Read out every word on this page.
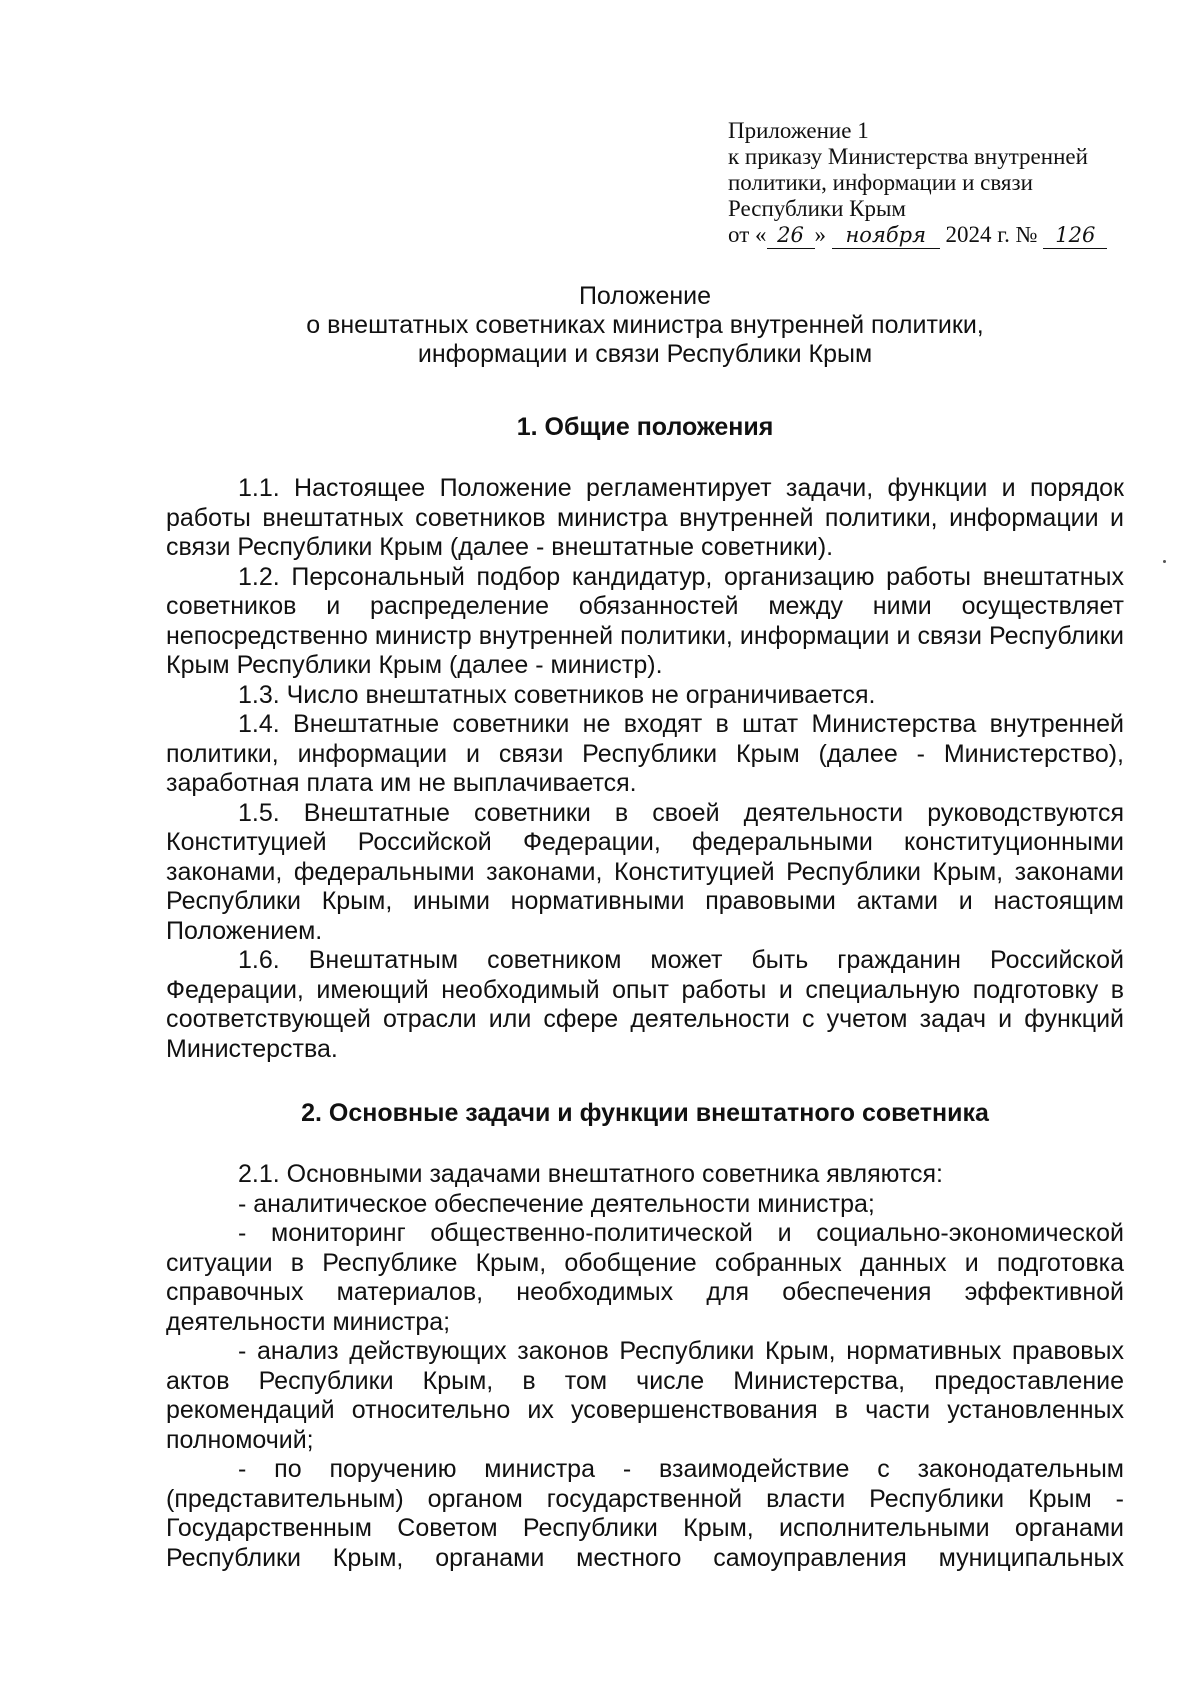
Приложение 1
к приказу Министерства внутренней
политики, информации и связи
Республики Крым
от « 26 » ноября 2024 г. № 126
Положение
о внештатных советниках министра внутренней политики,
информации и связи Республики Крым
1. Общие положения

1.1. Настоящее Положение регламентирует задачи, функции и порядок работы внештатных советников министра внутренней политики, информации и связи Республики Крым (далее - внештатные советники).

1.2. Персональный подбор кандидатур, организацию работы внештатных советников и распределение обязанностей между ними осуществляет непосредственно министр внутренней политики, информации и связи Республики Крым Республики Крым (далее - министр).

1.3. Число внештатных советников не ограничивается.

1.4. Внештатные советники не входят в штат Министерства внутренней политики, информации и связи Республики Крым (далее - Министерство), заработная плата им не выплачивается.

1.5. Внештатные советники в своей деятельности руководствуются Конституцией Российской Федерации, федеральными конституционными законами, федеральными законами, Конституцией Республики Крым, законами Республики Крым, иными нормативными правовыми актами и настоящим Положением.

1.6. Внештатным советником может быть гражданин Российской Федерации, имеющий необходимый опыт работы и специальную подготовку в соответствующей отрасли или сфере деятельности с учетом задач и функций Министерства.

2. Основные задачи и функции внештатного советника

2.1. Основными задачами внештатного советника являются:

- аналитическое обеспечение деятельности министра;

- мониторинг общественно-политической и социально-экономической ситуации в Республике Крым, обобщение собранных данных и подготовка справочных материалов, необходимых для обеспечения эффективной деятельности министра;

- анализ действующих законов Республики Крым, нормативных правовых актов Республики Крым, в том числе Министерства, предоставление рекомендаций относительно их усовершенствования в части установленных полномочий;

- по поручению министра - взаимодействие с законодательным (представительным) органом государственной власти Республики Крым - Государственным Советом Республики Крым, исполнительными органами Республики Крым, органами местного самоуправления муниципальных
